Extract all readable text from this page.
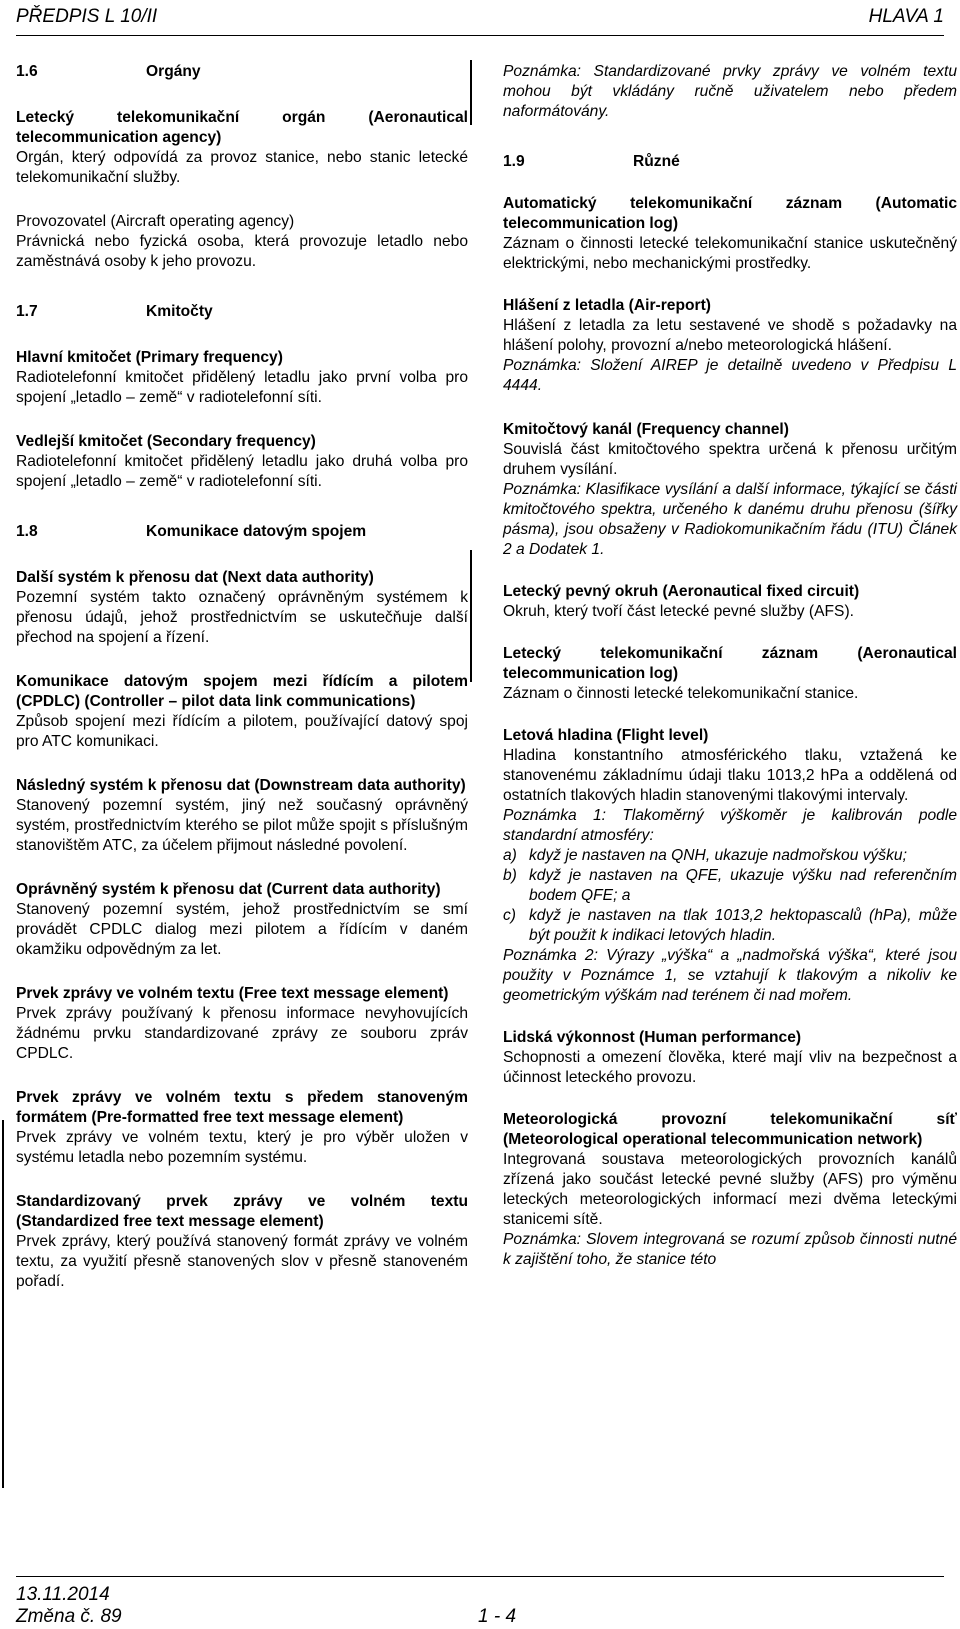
PŘEDPIS L 10/II	HLAVA 1
1.6	Orgány

Letecký telekomunikační orgán (Aeronautical telecommunication agency)

Orgán, který odpovídá za provoz stanice, nebo stanic letecké telekomunikační služby.

Provozovatel (Aircraft operating agency)

Právnická nebo fyzická osoba, která provozuje letadlo nebo zaměstnává osoby k jeho provozu.

1.7	Kmitočty

Hlavní kmitočet (Primary frequency)

Radiotelefonní kmitočet přidělený letadlu jako první volba pro spojení „letadlo – země“ v radiotelefonní síti.

Vedlejší kmitočet (Secondary frequency)

Radiotelefonní kmitočet přidělený letadlu jako druhá volba pro spojení „letadlo – země“ v radiotelefonní síti.

1.8	Komunikace datovým spojem

Další systém k přenosu dat (Next data authority)

Pozemní systém takto označený oprávněným systémem k přenosu údajů, jehož prostřednictvím se uskutečňuje další přechod na spojení a řízení.

Komunikace datovým spojem mezi řídícím a pilotem (CPDLC) (Controller – pilot data link communications)

Způsob spojení mezi řídícím a pilotem, používající datový spoj pro ATC komunikaci.

Následný systém k přenosu dat (Downstream data authority)

Stanovený pozemní systém, jiný než současný oprávněný systém, prostřednictvím kterého se pilot může spojit s příslušným stanovištěm ATC, za účelem přijmout následné povolení.

Oprávněný systém k přenosu dat (Current data authority)

Stanovený pozemní systém, jehož prostřednictvím se smí provádět CPDLC dialog mezi pilotem a řídícím v daném okamžiku odpovědným za let.

Prvek zprávy ve volném textu (Free text message element)

Prvek zprávy používaný k přenosu informace nevyhovujících žádnému prvku standardizované zprávy ze souboru zpráv CPDLC.

Prvek zprávy ve volném textu s předem stanoveným formátem (Pre-formatted free text message element)

Prvek zprávy ve volném textu, který je pro výběr uložen v systému letadla nebo pozemním systému.

Standardizovaný prvek zprávy ve volném textu (Standardized free text message element)

Prvek zprávy, který používá stanovený formát zprávy ve volném textu, za využití přesně stanovených slov v přesně stanoveném pořadí.

Poznámka: Standardizované prvky zprávy ve volném textu mohou být vkládány ručně uživatelem nebo předem naformátovány.

1.9	Různé

Automatický telekomunikační záznam (Automatic telecommunication log)

Záznam o činnosti letecké telekomunikační stanice uskutečněný elektrickými, nebo mechanickými prostředky.

Hlášení z letadla (Air-report)

Hlášení z letadla za letu sestavené ve shodě s požadavky na hlášení polohy, provozní a/nebo meteorologická hlášení.

Poznámka: Složení AIREP je detailně uvedeno v Předpisu L 4444.

Kmitočtový kanál (Frequency channel)

Souvislá část kmitočtového spektra určená k přenosu určitým druhem vysílání.

Poznámka: Klasifikace vysílání a další informace, týkající se části kmitočtového spektra, určeného k danému druhu přenosu (šířky pásma), jsou obsaženy v Radiokomunikačním řádu (ITU) Článek 2 a Dodatek 1.

Letecký pevný okruh (Aeronautical fixed circuit)

Okruh, který tvoří část letecké pevné služby (AFS).

Letecký telekomunikační záznam (Aeronautical telecommunication log)

Záznam o činnosti letecké telekomunikační stanice.

Letová hladina (Flight level)

Hladina konstantního atmosférického tlaku, vztažená ke stanovenému základnímu údaji tlaku 1013,2 hPa a oddělená od ostatních tlakových hladin stanovenými tlakovými intervaly.

Poznámka 1: Tlakoměrný výškoměr je kalibrován podle standardní atmosféry:

a) když je nastaven na QNH, ukazuje nadmořskou výšku;
b) když je nastaven na QFE, ukazuje výšku nad referenčním bodem QFE; a
c) když je nastaven na tlak 1013,2 hektopascalů (hPa), může být použit k indikaci letových hladin.

Poznámka 2: Výrazy „výška“ a „nadmořská výška“, které jsou použity v Poznámce 1, se vztahují k tlakovým a nikoliv ke geometrickým výškám nad terénem či nad mořem.

Lidská výkonnost (Human performance)

Schopnosti a omezení člověka, které mají vliv na bezpečnost a účinnost leteckého provozu.

Meteorologická provozní telekomunikační síť (Meteorological operational telecommunication network)

Integrovaná soustava meteorologických provozních kanálů zřízená jako součást letecké pevné služby (AFS) pro výměnu leteckých meteorologických informací mezi dvěma leteckými stanicemi sítě.

Poznámka: Slovem integrovaná se rozumí způsob činnosti nutné k zajištění toho, že stanice této

13.11.2014
Změna č. 89	1 - 4
